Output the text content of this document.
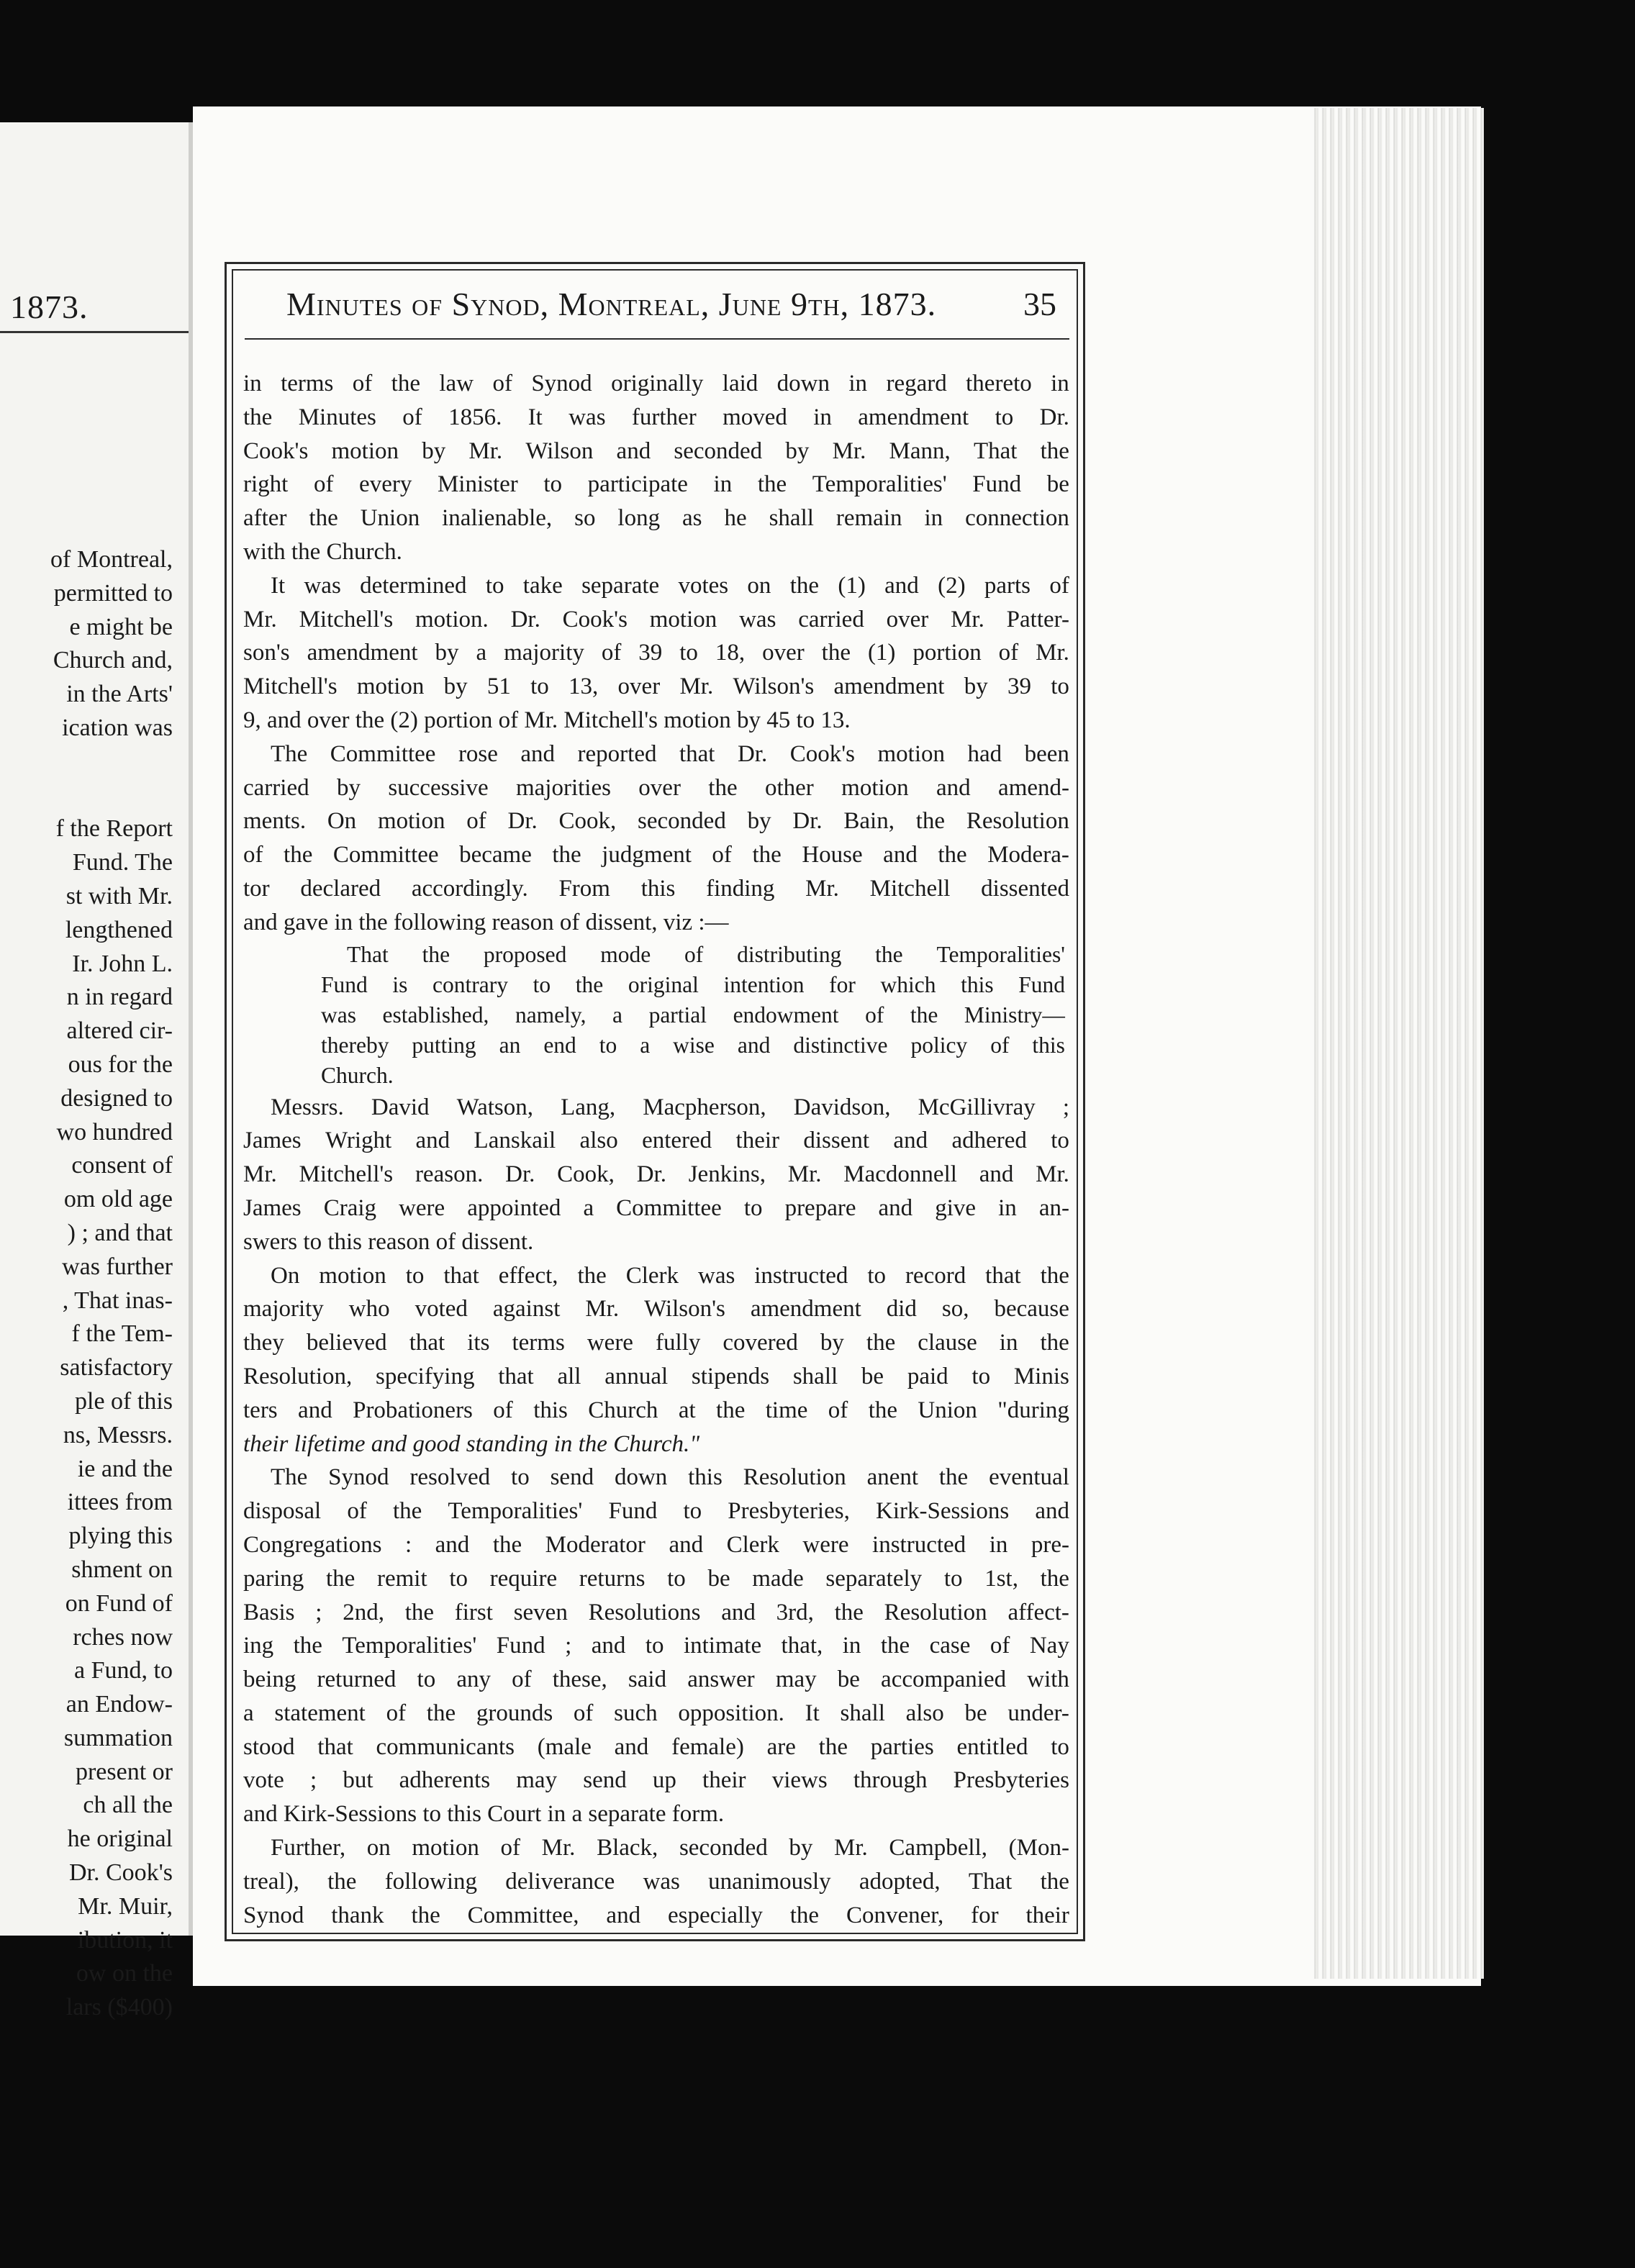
1873.
of Montreal,
permitted to
e might be
Church and,
in the Arts'
ication was
f the Report
Fund. The
st with Mr.
lengthened
Ir. John L.
n in regard
altered cir-
ous for the
designed to
wo hundred
consent of
om old age
) ; and that
was further
, That inas-
f the Tem-
satisfactory
ple of this
ns, Messrs.
ie and the
ittees from
plying this
shment on
on Fund of
rches now
a Fund, to
an Endow-
summation
present or
ch all the
he original
Dr. Cook's
Mr. Muir,
ibution, it
ow on the
lars ($400)
Minutes of Synod, Montreal, June 9th, 1873.	35
in terms of the law of Synod originally laid down in regard thereto in
the Minutes of 1856. It was further moved in amendment to Dr.
Cook's motion by Mr. Wilson and seconded by Mr. Mann, That the
right of every Minister to participate in the Temporalities' Fund be
after the Union inalienable, so long as he shall remain in connection
with the Church.
It was determined to take separate votes on the (1) and (2) parts of
Mr. Mitchell's motion. Dr. Cook's motion was carried over Mr. Patter-
son's amendment by a majority of 39 to 18, over the (1) portion of Mr.
Mitchell's motion by 51 to 13, over Mr. Wilson's amendment by 39 to
9, and over the (2) portion of Mr. Mitchell's motion by 45 to 13.
The Committee rose and reported that Dr. Cook's motion had been
carried by successive majorities over the other motion and amend-
ments. On motion of Dr. Cook, seconded by Dr. Bain, the Resolution
of the Committee became the judgment of the House and the Modera-
tor declared accordingly. From this finding Mr. Mitchell dissented
and gave in the following reason of dissent, viz :—
That the proposed mode of distributing the Temporalities'
Fund is contrary to the original intention for which this Fund
was established, namely, a partial endowment of the Ministry—
thereby putting an end to a wise and distinctive policy of this
Church.
Messrs. David Watson, Lang, Macpherson, Davidson, McGillivray ;
James Wright and Lanskail also entered their dissent and adhered to
Mr. Mitchell's reason. Dr. Cook, Dr. Jenkins, Mr. Macdonnell and Mr.
James Craig were appointed a Committee to prepare and give in an-
swers to this reason of dissent.
On motion to that effect, the Clerk was instructed to record that the
majority who voted against Mr. Wilson's amendment did so, because
they believed that its terms were fully covered by the clause in the
Resolution, specifying that all annual stipends shall be paid to Minis
ters and Probationers of this Church at the time of the Union "during
their lifetime and good standing in the Church."
The Synod resolved to send down this Resolution anent the eventual
disposal of the Temporalities' Fund to Presbyteries, Kirk-Sessions and
Congregations : and the Moderator and Clerk were instructed in pre-
paring the remit to require returns to be made separately to 1st, the
Basis ; 2nd, the first seven Resolutions and 3rd, the Resolution affect-
ing the Temporalities' Fund ; and to intimate that, in the case of Nay
being returned to any of these, said answer may be accompanied with
a statement of the grounds of such opposition. It shall also be under-
stood that communicants (male and female) are the parties entitled to
vote ; but adherents may send up their views through Presbyteries
and Kirk-Sessions to this Court in a separate form.
Further, on motion of Mr. Black, seconded by Mr. Campbell, (Mon-
treal), the following deliverance was unanimously adopted, That the
Synod thank the Committee, and especially the Convener, for their
